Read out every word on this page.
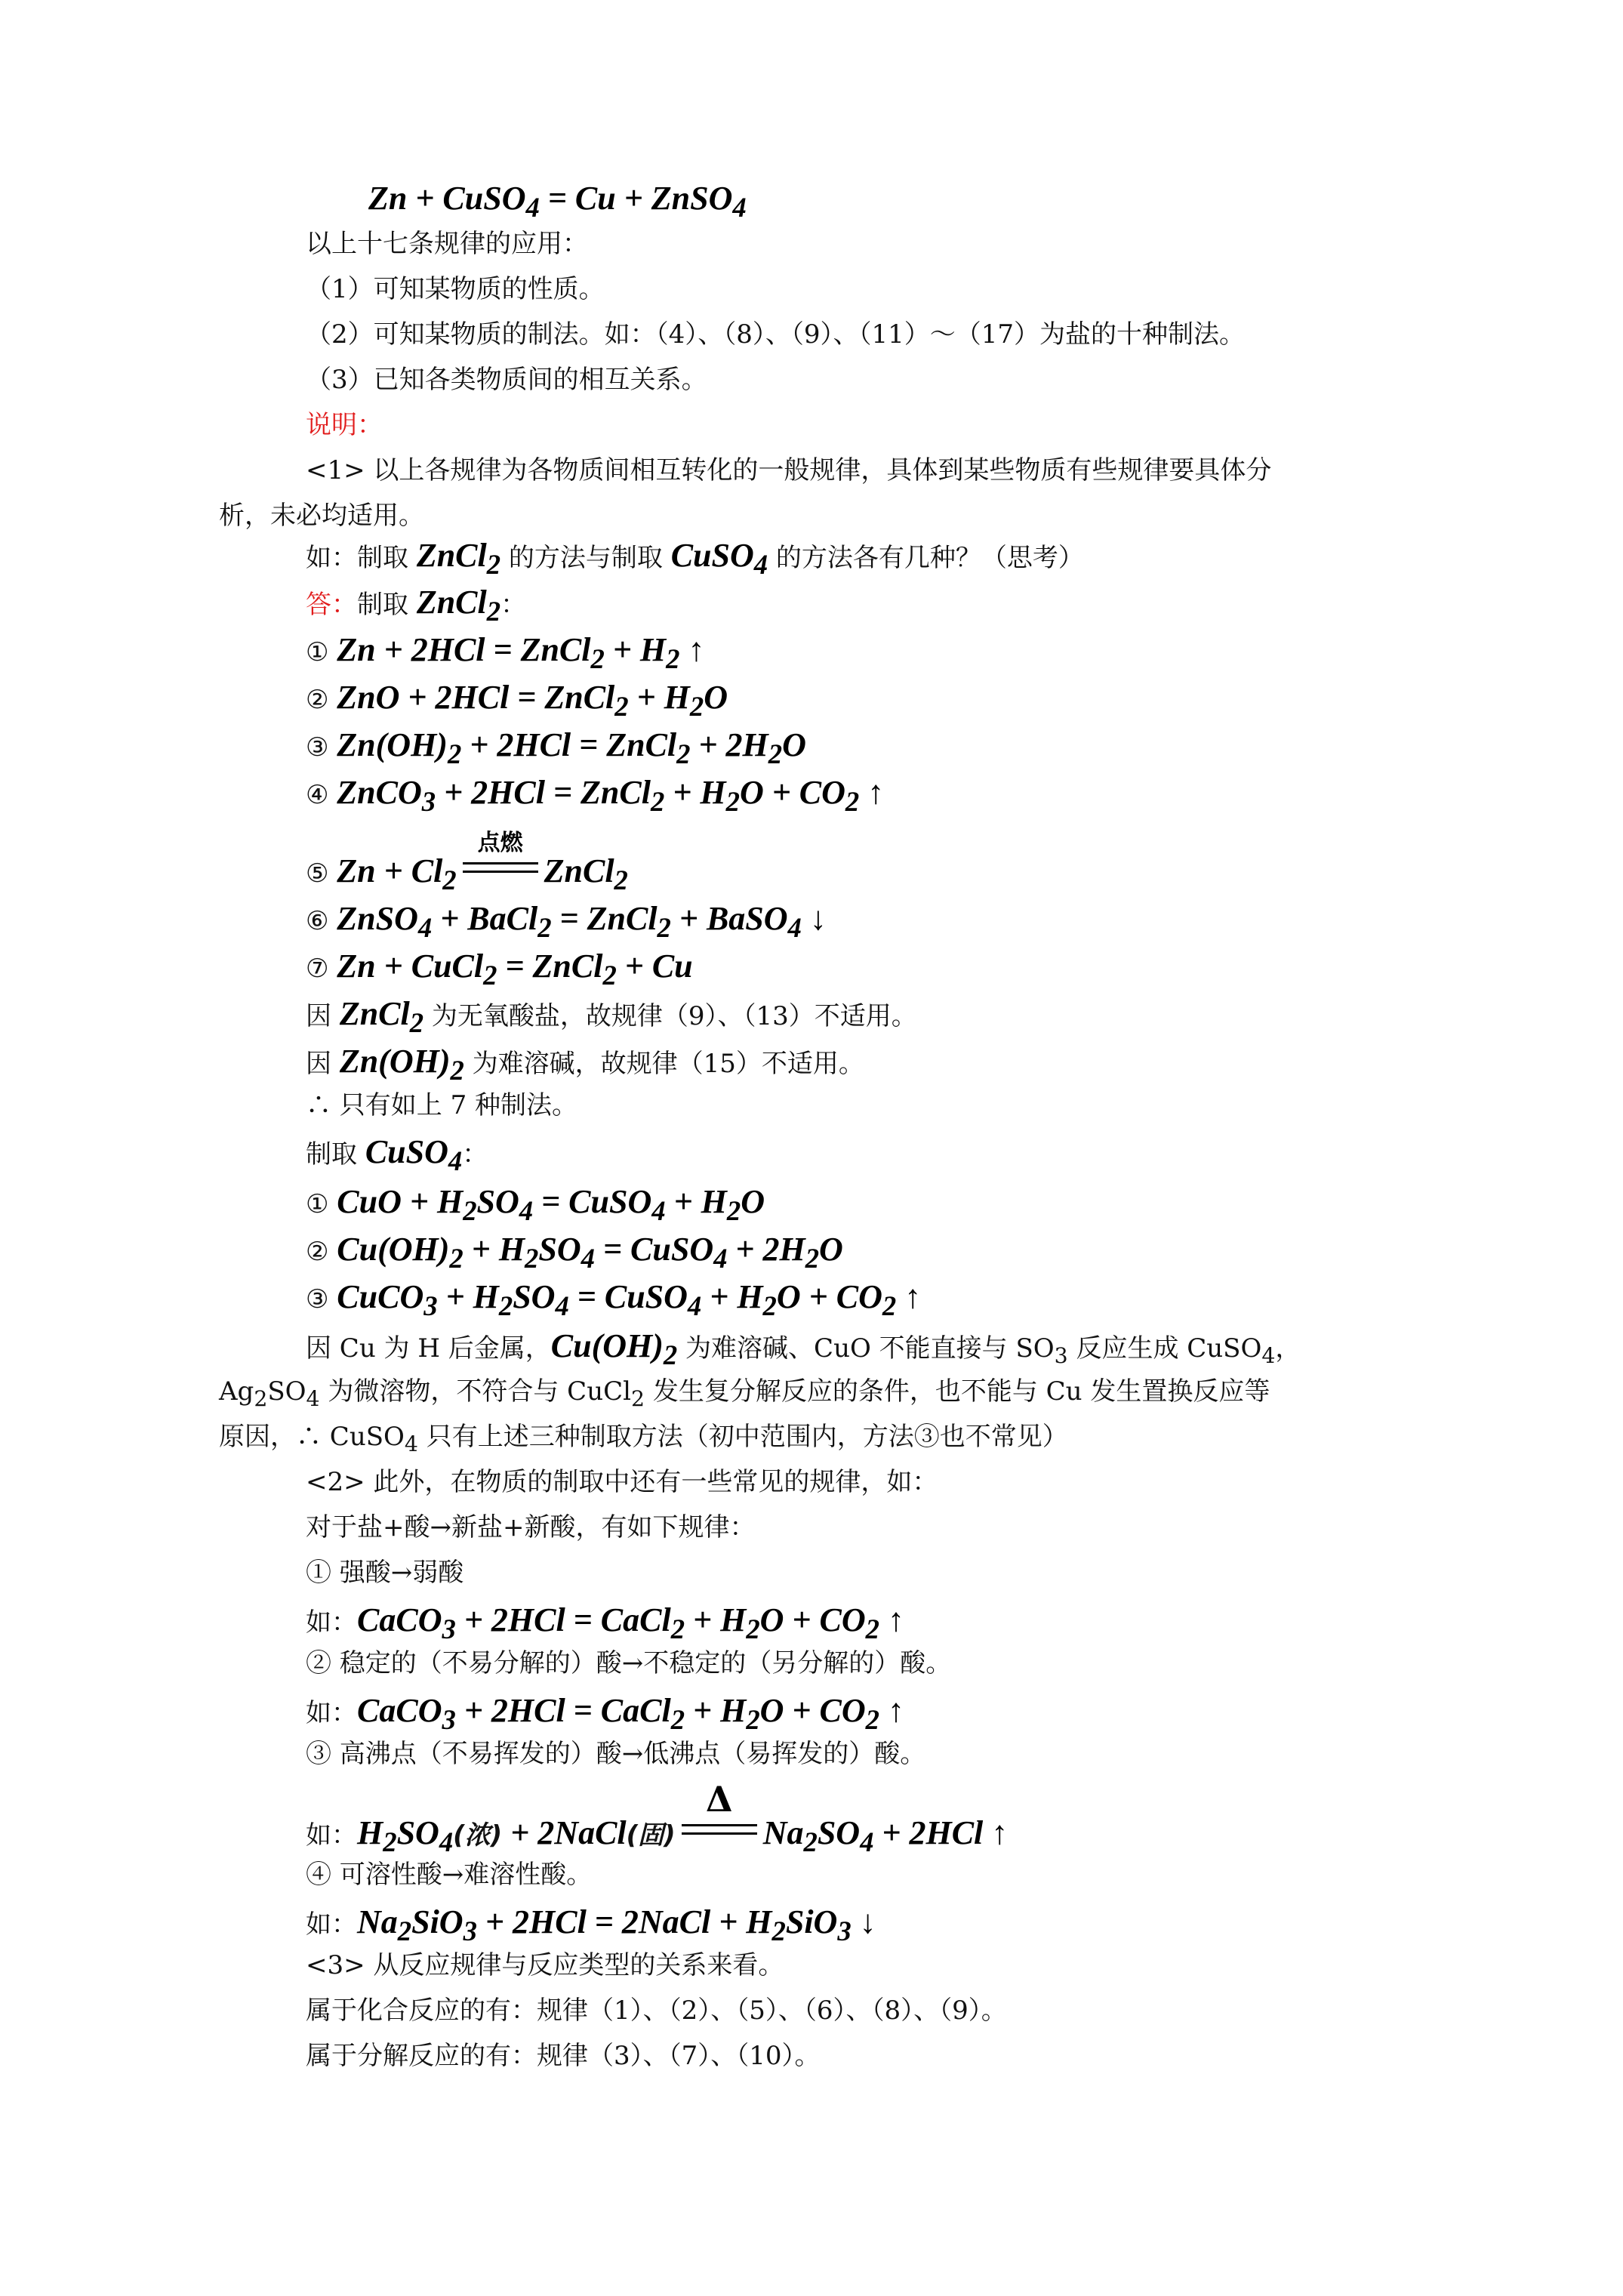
Zn + CuSO$_4$ = Cu + ZnSO$_4$
以上十七条规律的应用：
（1）可知某物质的性质。
（2）可知某物质的制法。如：（4）、（8）、（9）、（11）～（17）为盐的十种制法。
（3）已知各类物质间的相互关系。
说明：
<1> 以上各规律为各物质间相互转化的一般规律，具体到某些物质有些规律要具体分
析，未必均适用。
如：制取 ZnCl$_2$ 的方法与制取 CuSO$_4$ 的方法各有几种？（思考）
答：制取 ZnCl$_2$：
① Zn + 2HCl = ZnCl$_2$ + $H_2$ ↑
② ZnO + 2HCl = ZnCl$_2$ + $H_2O$
③ $Zn(OH)_2 + 2HCl$ = ZnCl$_2$ + $2H_2O$
④ ZnCO$_3$ + 2HCl = ZnCl$_2$ + $H_2O + CO_2$ ↑
⑤ $Zn + Cl_2$
点燃
ZnCl$_2$
⑥ ZnSO$_4$ + BaCl$_2$ = ZnCl$_2$ + BaSO$_4$ ↓
⑦ Zn + CuCl$_2$ = ZnCl$_2$ + Cu
因 ZnCl$_2$ 为无氧酸盐，故规律（9）、（13）不适用。
因 $Zn(OH)_2$ 为难溶碱，故规律（15）不适用。
∴ 只有如上 7 种制法。
制取 CuSO$_4$：
① CuO + $H_2SO_4$ = CuSO$_4$ + $H_2O$
② $Cu(OH)_2 + H_2SO_4$ = CuSO$_4$ + $2H_2O$
③ CuCO$_3$ + $H_2SO_4$ = CuSO$_4$ + $H_2O + CO_2$ ↑
因 Cu 为 H 后金属，$Cu(OH)_2$ 为难溶碱、CuO 不能直接与 $SO_3$ 反应生成 CuSO$_4$，
$Ag_2SO_4$ 为微溶物，不符合与 CuCl$_2$ 发生复分解反应的条件，也不能与 Cu 发生置换反应等
原因，∴ CuSO$_4$ 只有上述三种制取方法（初中范围内，方法③也不常见）
<2> 此外，在物质的制取中还有一些常见的规律，如：
对于盐+酸→新盐+新酸，有如下规律：
① 强酸→弱酸
如：CaCO$_3$ + 2HCl = CaCl$_2$ + $H_2O + CO_2$ ↑
② 稳定的（不易分解的）酸→不稳定的（另分解的）酸。
如：CaCO$_3$ + 2HCl = CaCl$_2$ + $H_2O + CO_2$ ↑
③ 高沸点（不易挥发的）酸→低沸点（易挥发的）酸。
如：$H_2SO_4$(浓) + 2NaCl(固)
Δ
$Na_2SO_4 + 2HCl$ ↑
④ 可溶性酸→难溶性酸。
如：$Na_2SiO_3 + 2HCl$ = 2NaCl + $H_2SiO_3$ ↓
<3> 从反应规律与反应类型的关系来看。
属于化合反应的有：规律（1）、（2）、（5）、（6）、（8）、（9）。
属于分解反应的有：规律（3）、（7）、（10）。
